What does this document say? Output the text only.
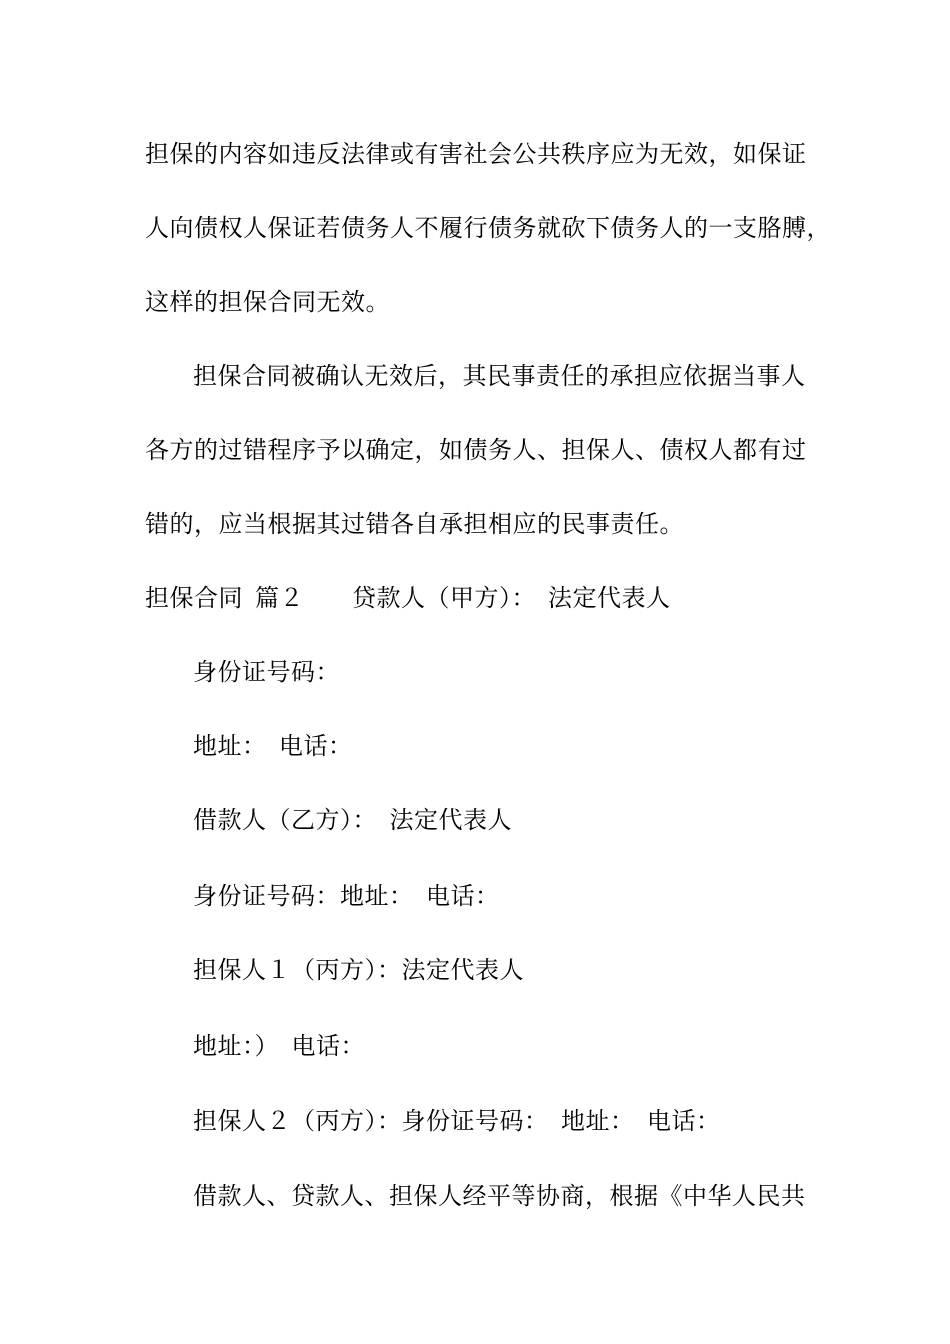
担保的内容如违反法律或有害社会公共秩序应为无效，如保证
人向债权人保证若债务人不履行债务就砍下债务人的一支胳膊，
这样的担保合同无效。
担保合同被确认无效后，其民事责任的承担应依据当事人
各方的过错程序予以确定，如债务人、担保人、债权人都有过
错的，应当根据其过错各自承担相应的民事责任。
担保合同 篇２ 贷款人（甲方）： 法定代表人
身份证号码：
地址：　电话：
借款人（乙方）：　法定代表人
身份证号码：地址：　电话：
担保人１（丙方）：法定代表人
地址：）　电话：
担保人２（丙方）：身份证号码：　地址：　电话：
借款人、贷款人、担保人经平等协商，根据《中华人民共
